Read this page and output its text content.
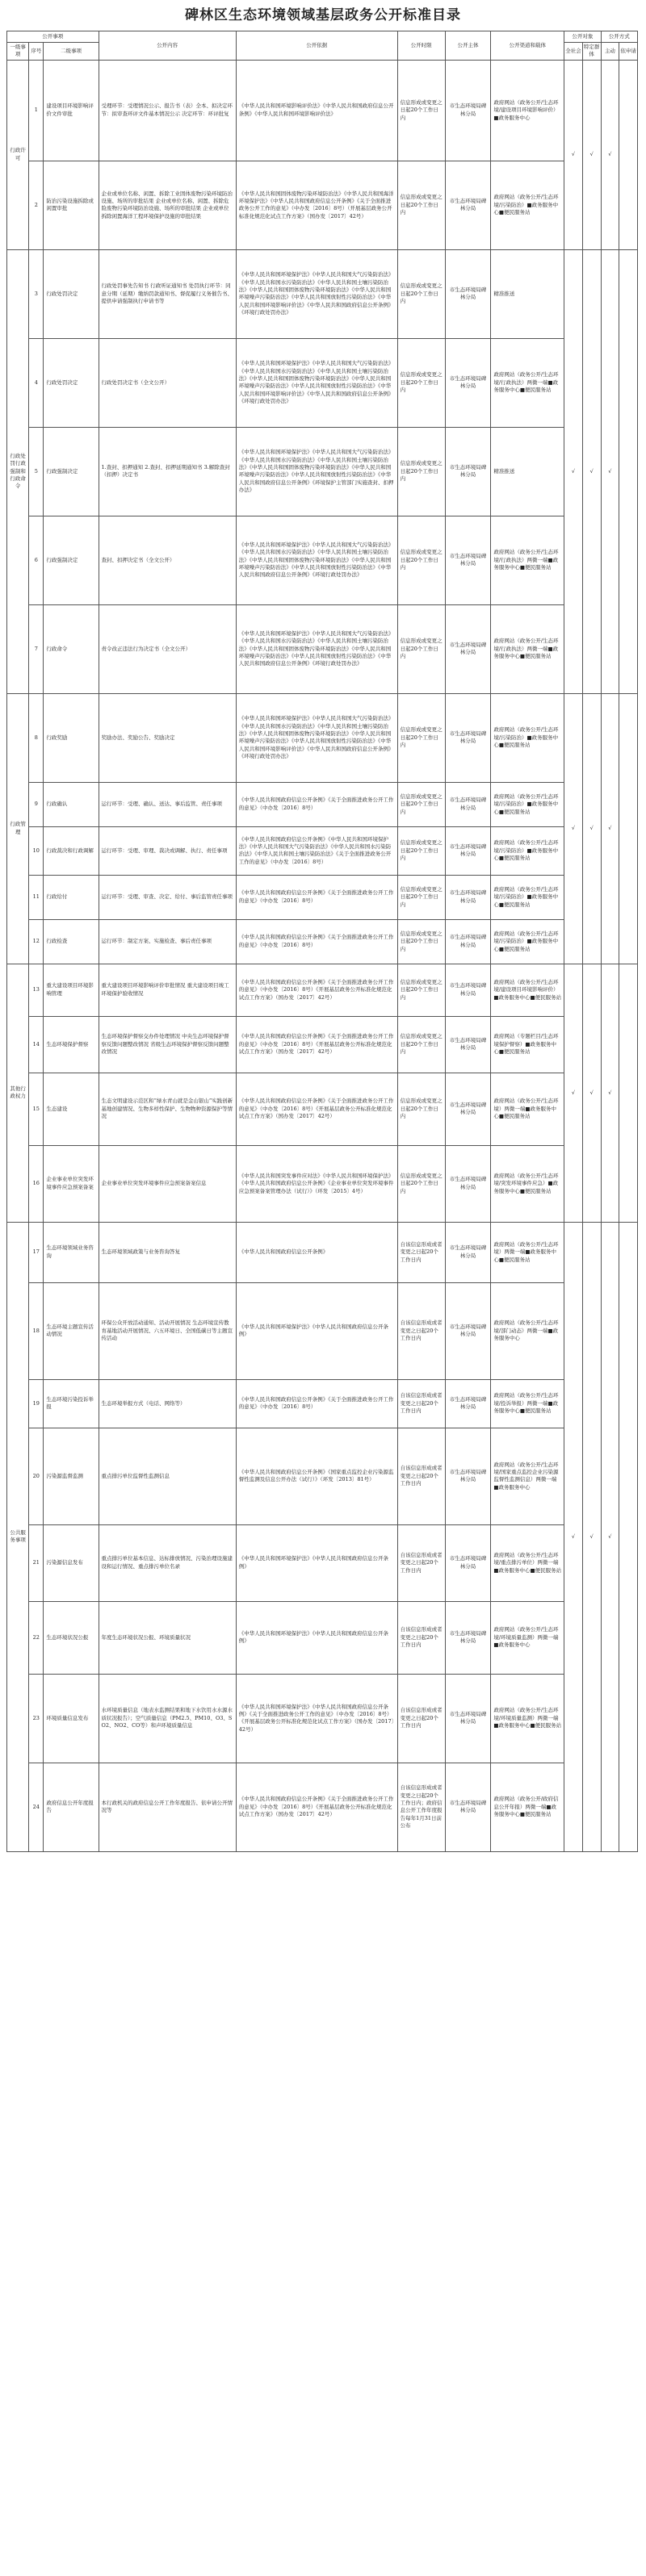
碑林区生态环境领域基层政务公开标准目录
公开事项			公开内容	公开依据	公开时限	公开主体	公开渠道和载体	公开对象		公开方式	
一级事项	序号	二级事项						全社会	特定群体	主动	依申请
行政许可	1	建设项目环境影响评价文件审批	受理环节：受理情况公示、报告书（表）全本、拟决定环节：拟审查环评文件基本情况公示 决定环节：环评批复	《中华人民共和国环境影响评价法》《中华人民共和国政府信息公开条例》《中华人民共和国环境影响评价法》	信息形成或变更之日起20个工作日内	市生态环境局碑林分局	政府网站（政务公开/生态环境/建设项目环境影响评价）■政务服务中心	√	√	√	
	2	防治污染设施拆除或闲置审批	企业或单位名称、闲置、拆除工业固体废物污染环境防治设施、场所的审批结果 企业或单位名称、闲置、拆除危险废物污染环境防治设施、场所的审批结果 企业或单位拆除闲置海洋工程环境保护设施的审批结果	《中华人民共和国固体废物污染环境防治法》《中华人民共和国海洋环境保护法》《中华人民共和国政府信息公开条例》《关于全面推进政务公开工作的意见》（中办发〔2016〕8号）（开展基层政务公开标准化规范化试点工作方案》（国办发〔2017〕42号）	信息形成或变更之日起20个工作日内	市生态环境局碑林分局	政府网站（政务公开/生态环境/污染防治）■政务服务中心■便民服务站				
行政处罚行政强制和行政命令	3	行政处罚决定	行政处罚事先告知书 行政听证通知书 处罚执行环节：同意分期（延期）缴纳罚款通知书、督促履行义务催告书、提供申请强制执行申请书等	《中华人民共和国环境保护法》《中华人民共和国大气污染防治法》《中华人民共和国水污染防治法》《中华人民共和国土壤污染防治法》《中华人民共和国固体废物污染环境防治法》《中华人民共和国环境噪声污染防治法》《中华人民共和国放射性污染防治法》《中华人民共和国环境影响评价法》《中华人民共和国政府信息公开条例》《环境行政处罚办法》	信息形成或变更之日起20个工作日内	市生态环境局碑林分局	精准推送	√	√	√	
	4	行政处罚决定	行政处罚决定书（全文公开）	《中华人民共和国环境保护法》《中华人民共和国大气污染防治法》《中华人民共和国水污染防治法》《中华人民共和国土壤污染防治法》《中华人民共和国固体废物污染环境防治法》《中华人民共和国环境噪声污染防治法》《中华人民共和国放射性污染防治法》《中华人民共和国环境影响评价法》《中华人民共和国政府信息公开条例》《环境行政处罚办法》	信息形成或变更之日起20个工作日内	市生态环境局碑林分局	政府网站（政务公开/生态环境/行政执法）两微一端■政务服务中心■便民服务站				
	5	行政强制决定	1.查封、扣押通知 2.查封、扣押延期通知书 3.解除查封（扣押）决定书	《中华人民共和国环境保护法》《中华人民共和国大气污染防治法》《中华人民共和国水污染防治法》《中华人民共和国土壤污染防治法》《中华人民共和国固体废物污染环境防治法》《中华人民共和国环境噪声污染防治法》《中华人民共和国放射性污染防治法》《中华人民共和国政府信息公开条例》《环境保护主管部门实施查封、扣押办法》	信息形成或变更之日起20个工作日内	市生态环境局碑林分局	精准推送				
	6	行政强制决定	查封、扣押决定书（全文公开）	《中华人民共和国环境保护法》《中华人民共和国大气污染防治法》《中华人民共和国水污染防治法》《中华人民共和国土壤污染防治法》《中华人民共和国固体废物污染环境防治法》《中华人民共和国环境噪声污染防治法》《中华人民共和国放射性污染防治法》《中华人民共和国政府信息公开条例》《环境行政处罚办法》	信息形成或变更之日起20个工作日内	市生态环境局碑林分局	政府网站（政务公开/生态环境/行政执法）两微一端■政务服务中心■便民服务站				
	7	行政命令	责令改正违法行为决定书（全文公开）	《中华人民共和国环境保护法》《中华人民共和国大气污染防治法》《中华人民共和国水污染防治法》《中华人民共和国土壤污染防治法》《中华人民共和国固体废物污染环境防治法》《中华人民共和国环境噪声污染防治法》《中华人民共和国放射性污染防治法》《中华人民共和国政府信息公开条例》《环境行政处罚办法》	信息形成或变更之日起20个工作日内	市生态环境局碑林分局	政府网站（政务公开/生态环境/行政执法）两微一端■政务服务中心■便民服务站				
行政管理	8	行政奖励	奖励办法、奖励公告、奖励决定	《中华人民共和国环境保护法》《中华人民共和国大气污染防治法》《中华人民共和国水污染防治法》《中华人民共和国土壤污染防治法》《中华人民共和国固体废物污染环境防治法》《中华人民共和国环境噪声污染防治法》《中华人民共和国放射性污染防治法》《中华人民共和国环境影响评价法》《中华人民共和国政府信息公开条例》《环境行政处罚办法》	信息形成或变更之日起20个工作日内	市生态环境局碑林分局	政府网站（政务公开/生态环境/污染防治）■政务服务中心■便民服务站	√	√	√	
	9	行政确认	运行环节：受理、确认、送达、事后监管、责任事项	《中华人民共和国政府信息公开条例》《关于全面推进政务公开工作的意见》（中办发〔2016〕8号）	信息形成或变更之日起20个工作日内	市生态环境局碑林分局	政府网站（政务公开/生态环境/污染防治）■政务服务中心■便民服务站				
	10	行政裁决和行政调解	运行环节：受理、审理、裁决或调解、执行、责任事项	《中华人民共和国政府信息公开条例》《中华人民共和国环境保护法》《中华人民共和国大气污染防治法》《中华人民共和国水污染防治法》《中华人民共和国土壤污染防治法》《关于全面推进政务公开工作的意见》（中办发〔2016〕8号）	信息形成或变更之日起20个工作日内	市生态环境局碑林分局	政府网站（政务公开/生态环境/污染防治）■政务服务中心■便民服务站				
	11	行政给付	运行环节：受理、审查、决定、给付、事后监管责任事项	《中华人民共和国政府信息公开条例》《关于全面推进政务公开工作的意见》（中办发〔2016〕8号）	信息形成或变更之日起20个工作日内	市生态环境局碑林分局	政府网站（政务公开/生态环境/污染防治）■政务服务中心■便民服务站				
	12	行政检查	运行环节：制定方案、实施检查、事后责任事项	《中华人民共和国政府信息公开条例》《关于全面推进政务公开工作的意见》（中办发〔2016〕8号）	信息形成或变更之日起20个工作日内	市生态环境局碑林分局	政府网站（政务公开/生态环境/污染防治）■政务服务中心■便民服务站				
其他行政权力	13	重大建设项目环境影响管理	重大建设项目环境影响评价审批情况 重大建设项目竣工环境保护验收情况	《中华人民共和国政府信息公开条例》《关于全面推进政务公开工作的意见》（中办发〔2016〕8号）《开展基层政务公开标准化规范化试点工作方案》（国办发〔2017〕42号）	信息形成或变更之日起20个工作日内	市生态环境局碑林分局	政府网站（政务公开/生态环境/建设项目环境影响评价）■政务服务中心■便民服务站	√	√	√	
	14	生态环境保护督察	生态环境保护督察交办件处理情况 中央生态环境保护督察反馈问题整改情况 省级生态环境保护督察反馈问题整改情况	《中华人民共和国政府信息公开条例》《关于全面推进政务公开工作的意见》（中办发〔2016〕8号）《开展基层政务公开标准化规范化试点工作方案》（国办发〔2017〕42号）	信息形成或变更之日起20个工作日内	市生态环境局碑林分局	政府网站（专题栏目/生态环境保护督察）■政务服务中心■便民服务站				
	15	生态建设	生态文明建设示范区和“绿水青山就是金山银山”实践创新基地创建情况、生物多样性保护、生物物种资源保护等情况	《中华人民共和国政府信息公开条例》《关于全面推进政务公开工作的意见》（中办发〔2016〕8号）《开展基层政务公开标准化规范化试点工作方案》（国办发〔2017〕42号）	信息形成或变更之日起20个工作日内	市生态环境局碑林分局	政府网站（政务公开/生态环境）两微一端■政务服务中心■便民服务站				
	16	企业事业单位突发环境事件应急预案备案	企业事业单位突发环境事件应急预案备案信息	《中华人民共和国突发事件应对法》《中华人民共和国环境保护法》《中华人民共和国政府信息公开条例》《企业事业单位突发环境事件应急预案备案管理办法（试行）》（环发〔2015〕4号）	信息形成或变更之日起20个工作日内	市生态环境局碑林分局	政府网站（政务公开/生态环境/突发环境事件应急）■政务服务中心■便民服务站				
公共服务事项	17	生态环境领域业务咨询	生态环境领域政策与业务咨询答复	《中华人民共和国政府信息公开条例》	自该信息形成或者变更之日起20个工作日内	市生态环境局碑林分局	政府网站（政务公开/生态环境）两微一端■政务服务中心■便民服务站	√	√	√	
	18	生态环境主题宣传活动情况	环保公众开放活动通知、活动开展情况 生态环境宣传教育基地活动开展情况、六五环境日、全国低碳日等主题宣传活动	《中华人民共和国环境保护法》《中华人民共和国政府信息公开条例》	自该信息形成或者变更之日起20个工作日内	市生态环境局碑林分局	政府网站（政务公开/生态环境/部门动态）两微一端■政务服务中心				
	19	生态环境污染投诉举报	生态环境举报方式（电话、网络等）	《中华人民共和国政府信息公开条例》《关于全面推进政务公开工作的意见》（中办发〔2016〕8号）	自该信息形成或者变更之日起20个工作日内	市生态环境局碑林分局	政府网站（政务公开/生态环境/投诉举报）两微一端■政务服务中心■便民服务站				
	20	污染源监督监测	重点排污单位监督性监测信息	《中华人民共和国政府信息公开条例》《国家重点监控企业污染源监督性监测及信息公开办法（试行）》（环发〔2013〕81号）	自该信息形成或者变更之日起20个工作日内	市生态环境局碑林分局	政府网站（政务公开/生态环境/国家重点监控企业污染源监督性监测信息）两微一端■政务服务中心				
	21	污染源信息发布	重点排污单位基本信息、达标排放情况、污染治理设施建设和运行情况、重点排污单位名录	《中华人民共和国环境保护法》《中华人民共和国政府信息公开条例》	自该信息形成或者变更之日起20个工作日内	市生态环境局碑林分局	政府网站（政务公开/生态环境/重点排污单位）两微一端■政务服务中心■便民服务站				
	22	生态环境状况公报	年度生态环境状况公报、环境质量状况	《中华人民共和国环境保护法》《中华人民共和国政府信息公开条例》	自该信息形成或者变更之日起20个工作日内	市生态环境局碑林分局	政府网站（政务公开/生态环境/环境质量监测）两微一端■政务服务中心				
	23	环境质量信息发布	水环境质量信息（地表水监测结果和地下水饮用水水源水质状况报告）；空气质量信息（PM2.5、PM10、O3、SO2、NO2、CO等）和声环境质量信息	《中华人民共和国环境保护法》《中华人民共和国政府信息公开条例》《关于全面推进政务公开工作的意见》（中办发〔2016〕8号）《开展基层政务公开标准化规范化试点工作方案》（国办发〔2017〕42号）	自该信息形成或者变更之日起20个工作日内	市生态环境局碑林分局	政府网站（政务公开/生态环境/环境质量监测）两微一端■政务服务中心■便民服务站				
	24	政府信息公开年度报告	本行政机关的政府信息公开工作年度报告、依申请公开情况等	《中华人民共和国政府信息公开条例》《关于全面推进政务公开工作的意见》（中办发〔2016〕8号）《开展基层政务公开标准化规范化试点工作方案》（国办发〔2017〕42号）	自该信息形成或者变更之日起20个工作日内；政府信息公开工作年度报告每年1月31日前公布	市生态环境局碑林分局	政府网站（政务公开/政府信息公开年报）两微一端■政务服务中心■便民服务站				
